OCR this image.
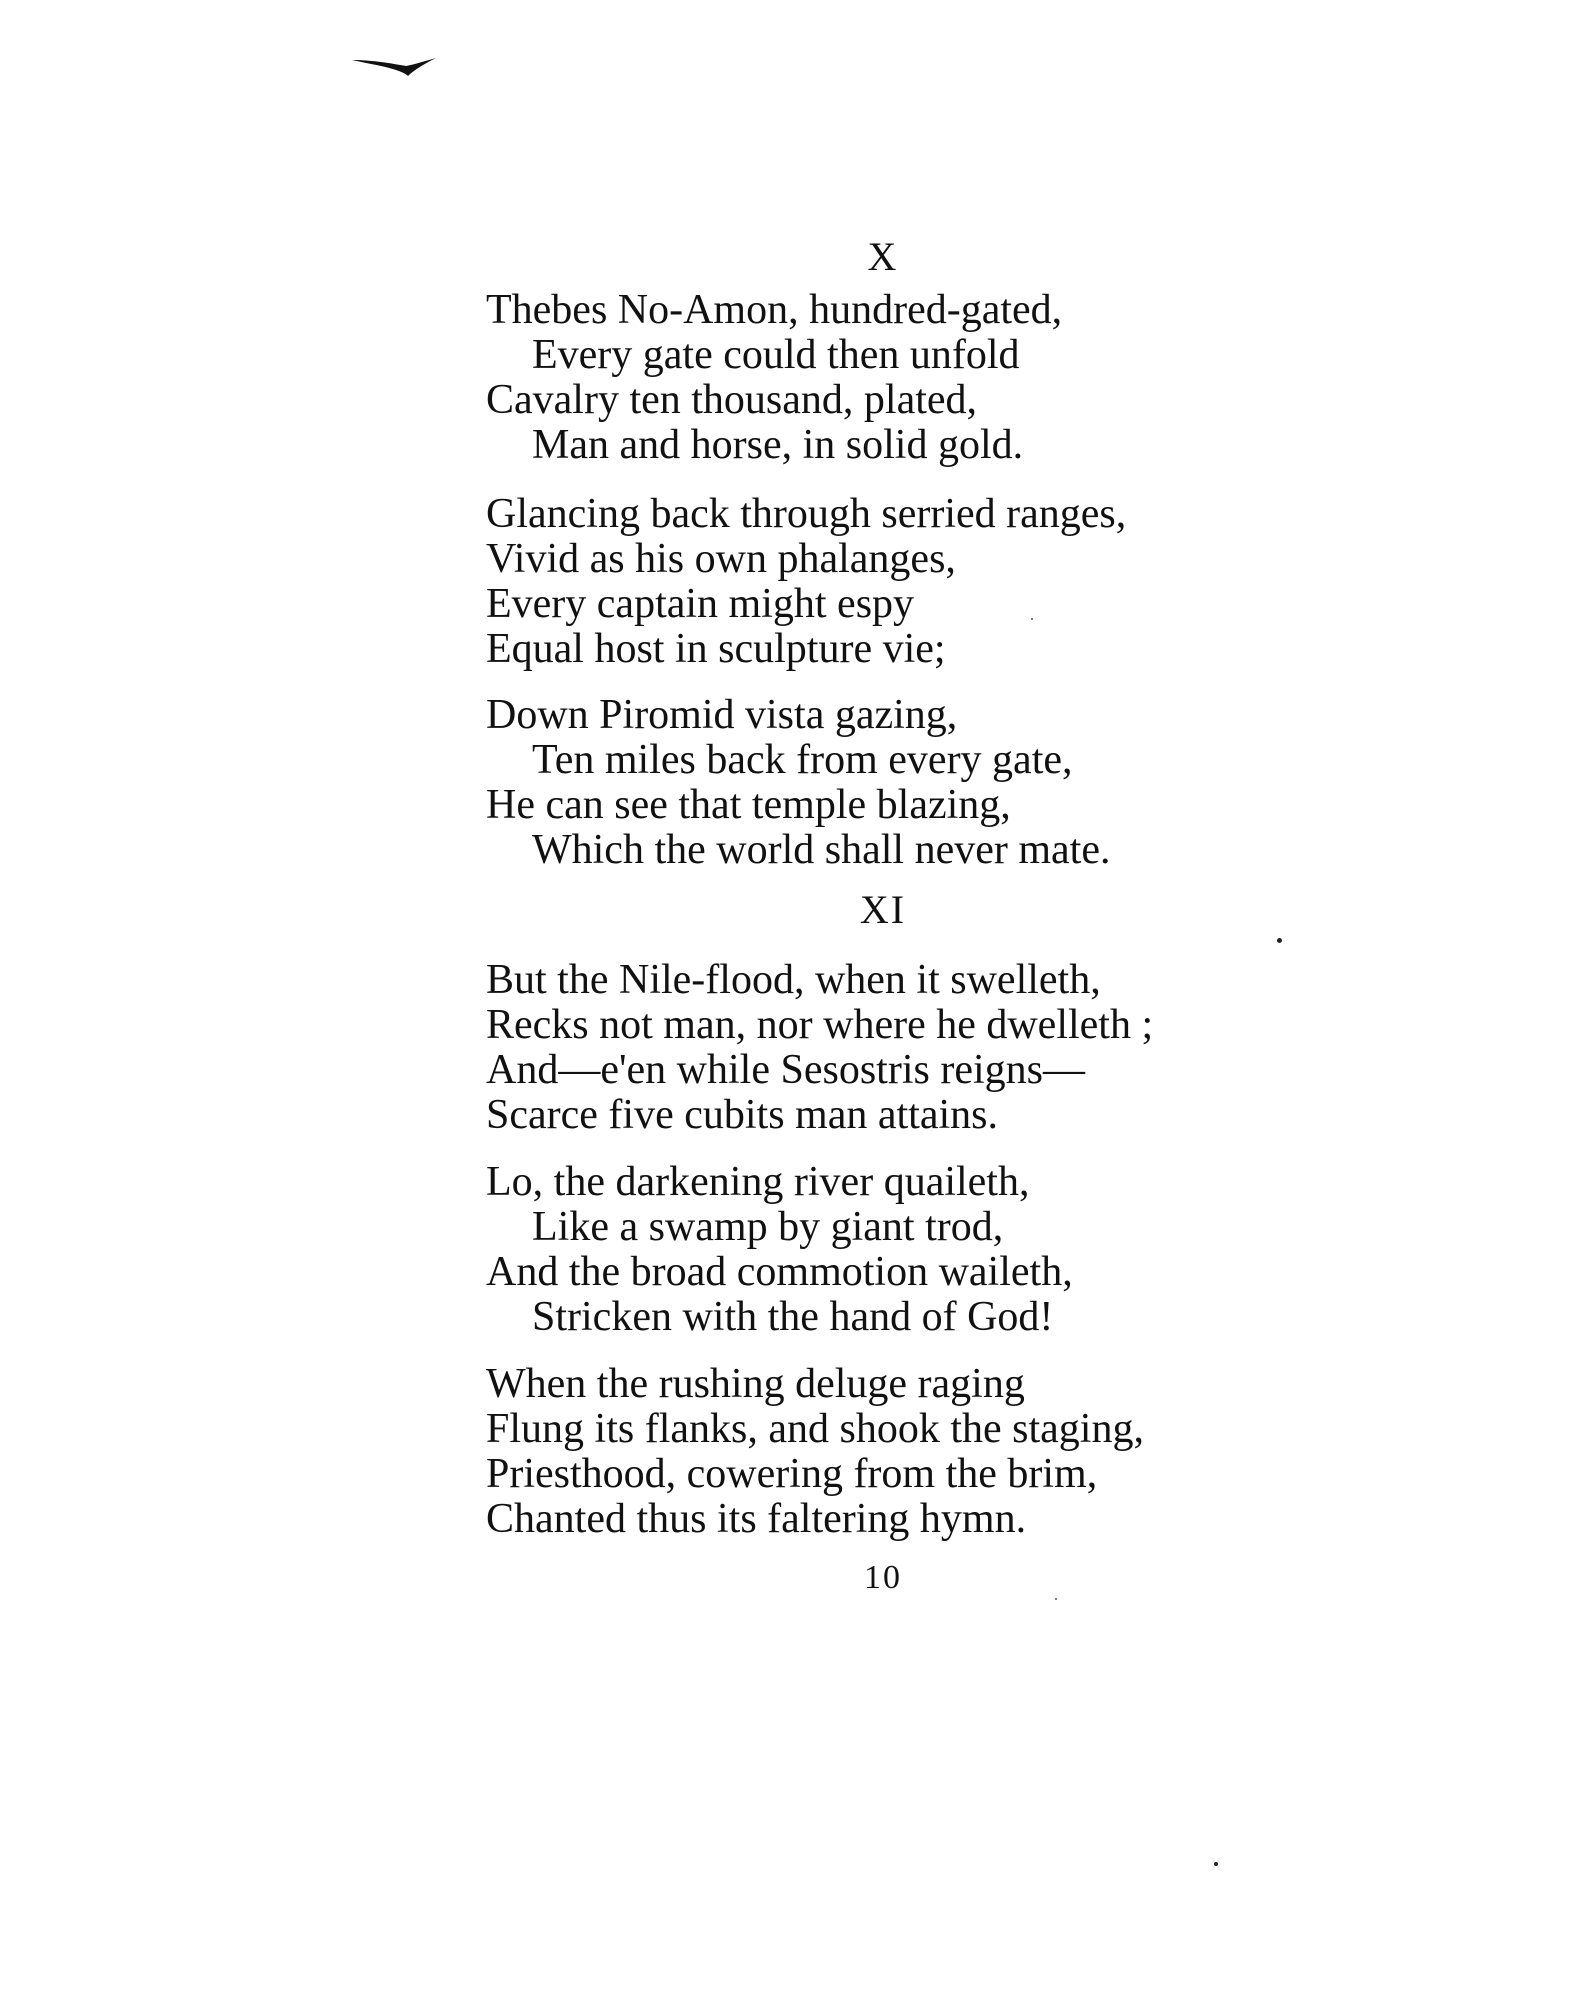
X
Thebes No-Amon, hundred-gated,
Every gate could then unfold
Cavalry ten thousand, plated,
Man and horse, in solid gold.
Glancing back through serried ranges,
Vivid as his own phalanges,
Every captain might espy
Equal host in sculpture vie;
Down Piromid vista gazing,
Ten miles back from every gate,
He can see that temple blazing,
Which the world shall never mate.
XI
But the Nile-flood, when it swelleth,
Recks not man, nor where he dwelleth ;
And—e'en while Sesostris reigns—
Scarce five cubits man attains.
Lo, the darkening river quaileth,
Like a swamp by giant trod,
And the broad commotion waileth,
Stricken with the hand of God!
When the rushing deluge raging
Flung its flanks, and shook the staging,
Priesthood, cowering from the brim,
Chanted thus its faltering hymn.
10
